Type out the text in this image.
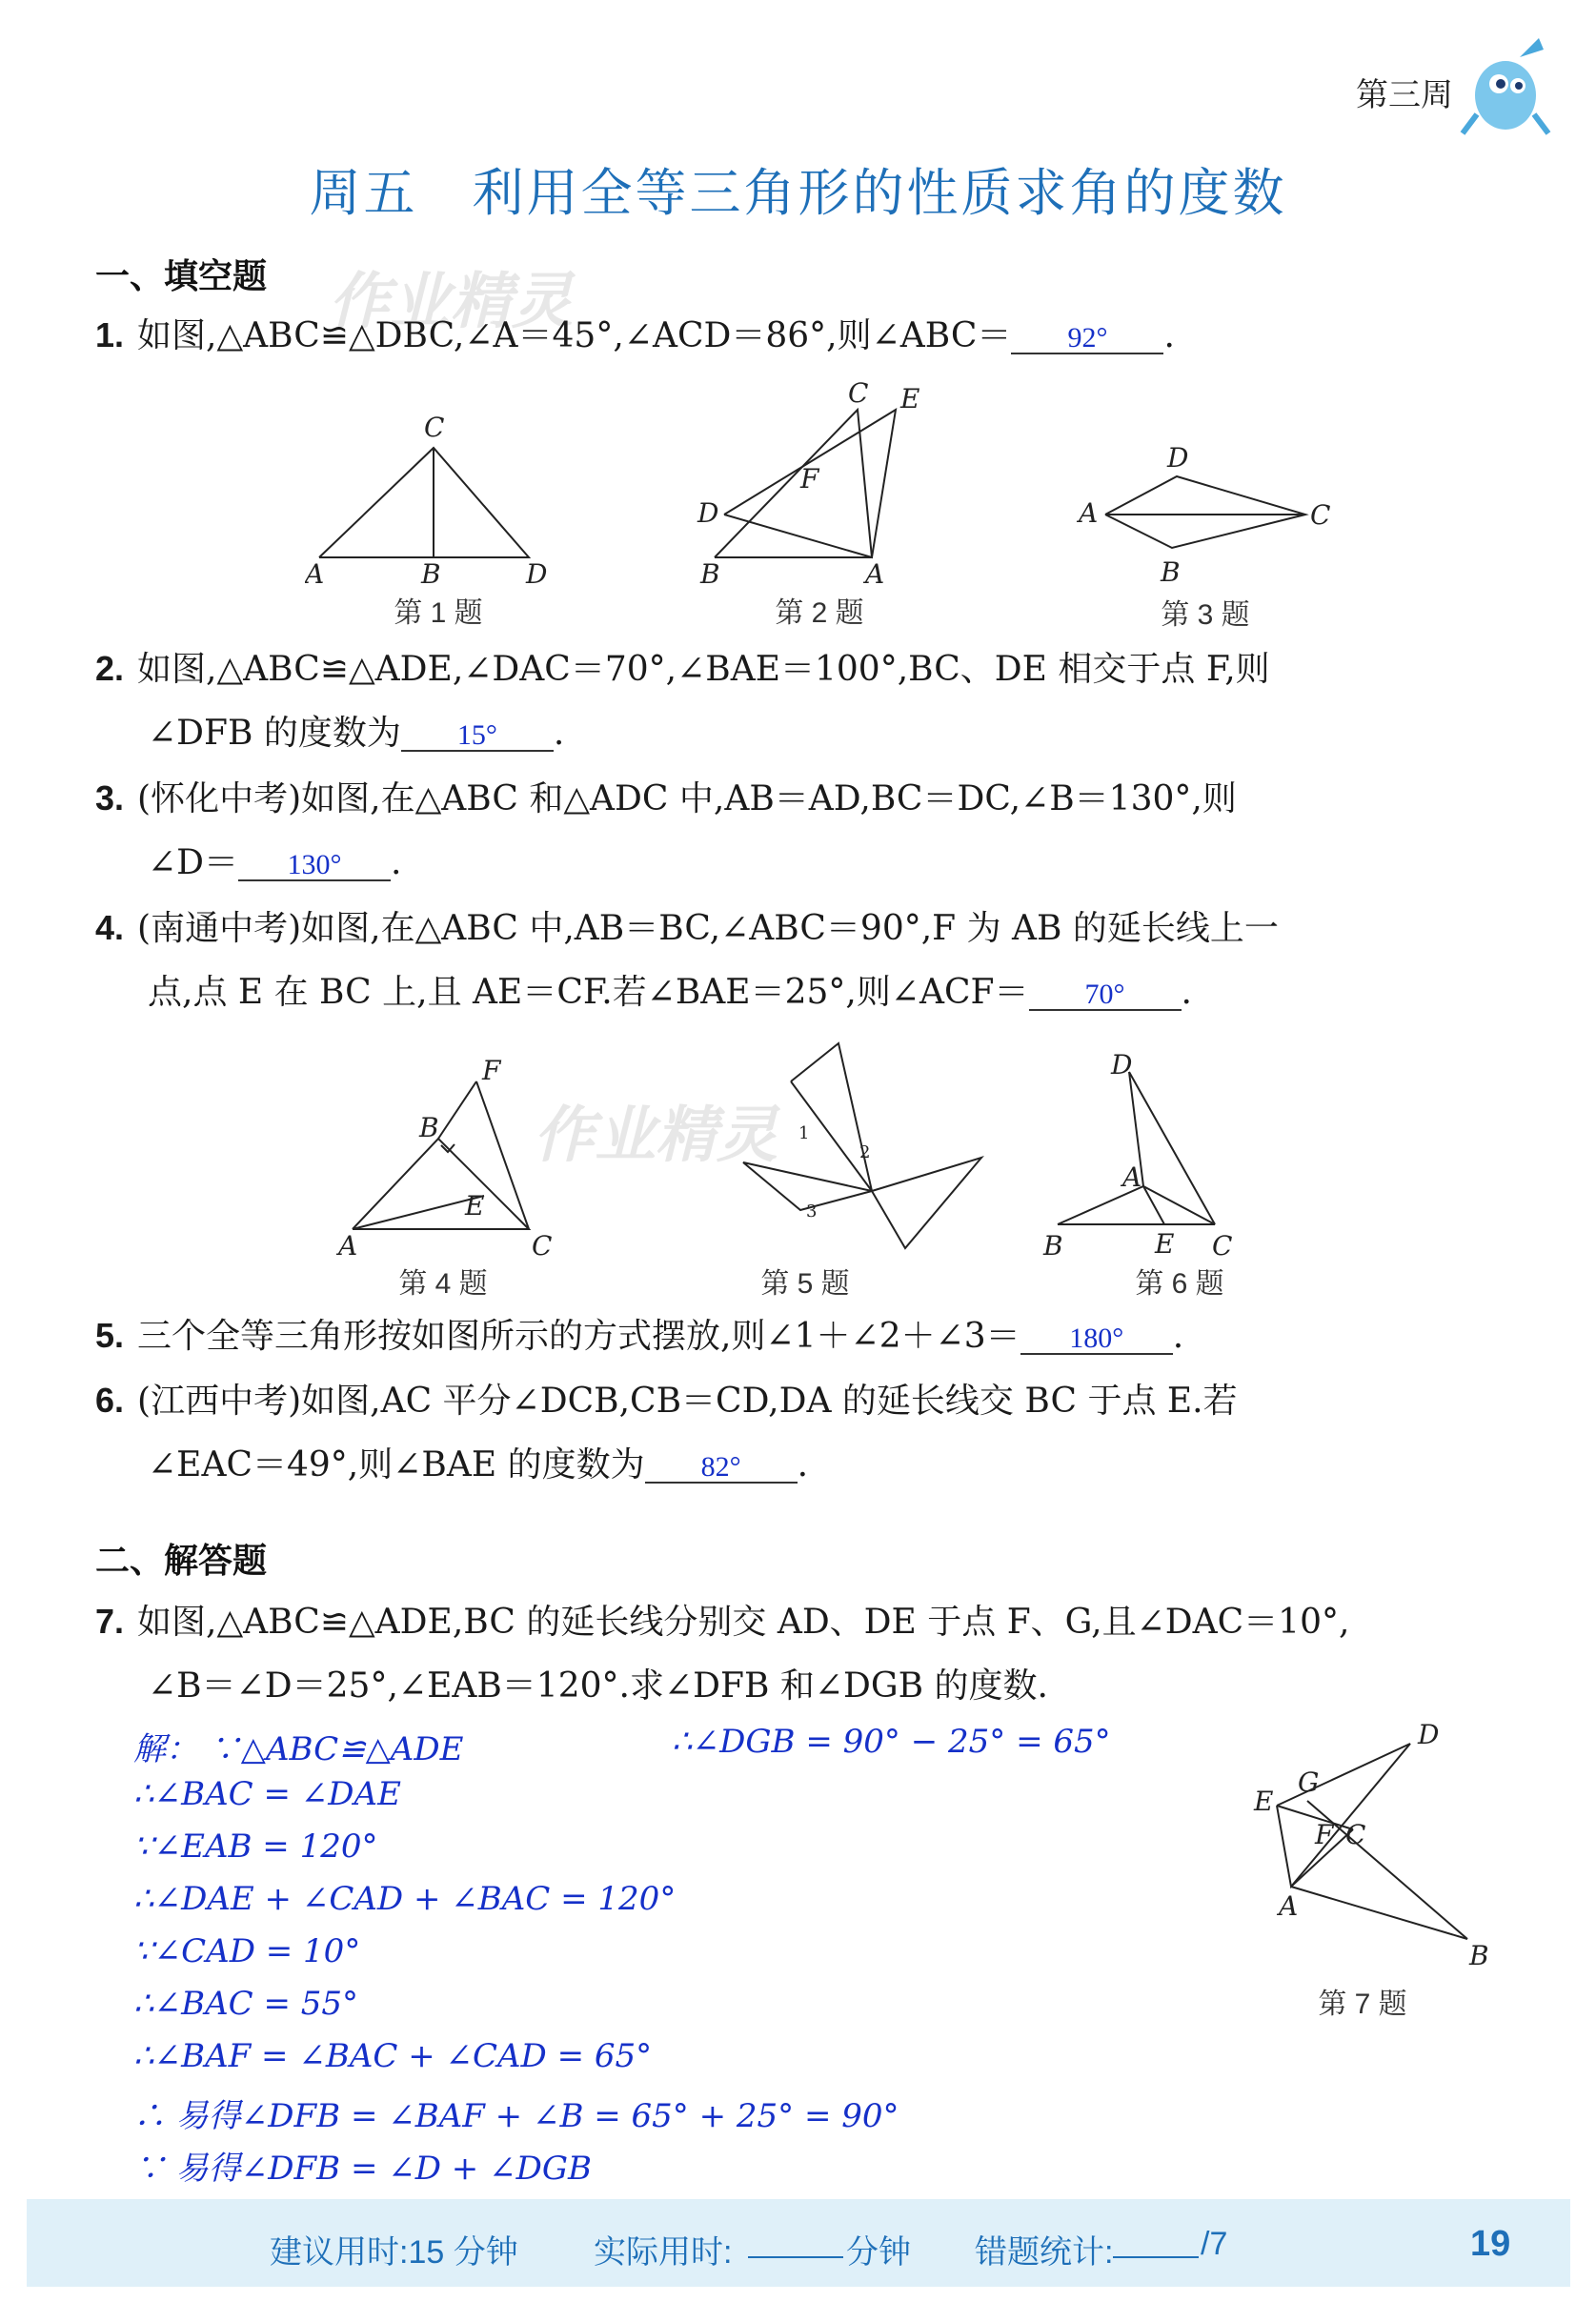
第三周
周五　利用全等三角形的性质求角的度数
作业精灵
作业精灵
一、填空题
1. 如图,△ABC≌△DBC,∠A＝45°,∠ACD＝86°,则∠ABC＝ 92° .
C
A	B	D
C E
F
D
B	A
D
A	C
B
第 1 题	第 2 题	第 3 题
2. 如图,△ABC≌△ADE,∠DAC＝70°,∠BAE＝100°,BC、DE 相交于点 F,则
∠DFB 的度数为 15° .
3. (怀化中考)如图,在△ABC 和△ADC 中,AB＝AD,BC＝DC,∠B＝130°,则
∠D＝ 130° .
4. (南通中考)如图,在△ABC 中,AB＝BC,∠ABC＝90°,F 为 AB 的延长线上一
点,点 E 在 BC 上,且 AE＝CF.若∠BAE＝25°,则∠ACF＝ 70° .
F
B
E
A	C
1
2
3
D
A
B	E C
第 4 题	第 5 题	第 6 题
5. 三个全等三角形按如图所示的方式摆放,则∠1＋∠2＋∠3＝ 180° .
6. (江西中考)如图,AC 平分∠DCB,CB＝CD,DA 的延长线交 BC 于点 E.若
∠EAC＝49°,则∠BAE 的度数为 82° .
二、解答题
7. 如图,△ABC≌△ADE,BC 的延长线分别交 AD、DE 于点 F、G,且∠DAC＝10°,
∠B＝∠D＝25°,∠EAB＝120°.求∠DFB 和∠DGB 的度数.
解： ∵△ABC≌△ADE
∴∠BAC = ∠DAE
∵∠EAB = 120°
∴∠DAE + ∠CAD + ∠BAC = 120°
∵∠CAD = 10°
∴∠BAC = 55°
∴∠BAF = ∠BAC + ∠CAD = 65°
∴ 易得∠DFB = ∠BAF + ∠B = 65° + 25° = 90°
∵ 易得∠DFB = ∠D + ∠DGB
∴∠DGB = 90° − 25° = 65°	D
G
E
F C
A
B
第 7 题
建议用时:15 分钟 实际用时:	分钟 错题统计:	/7	19
